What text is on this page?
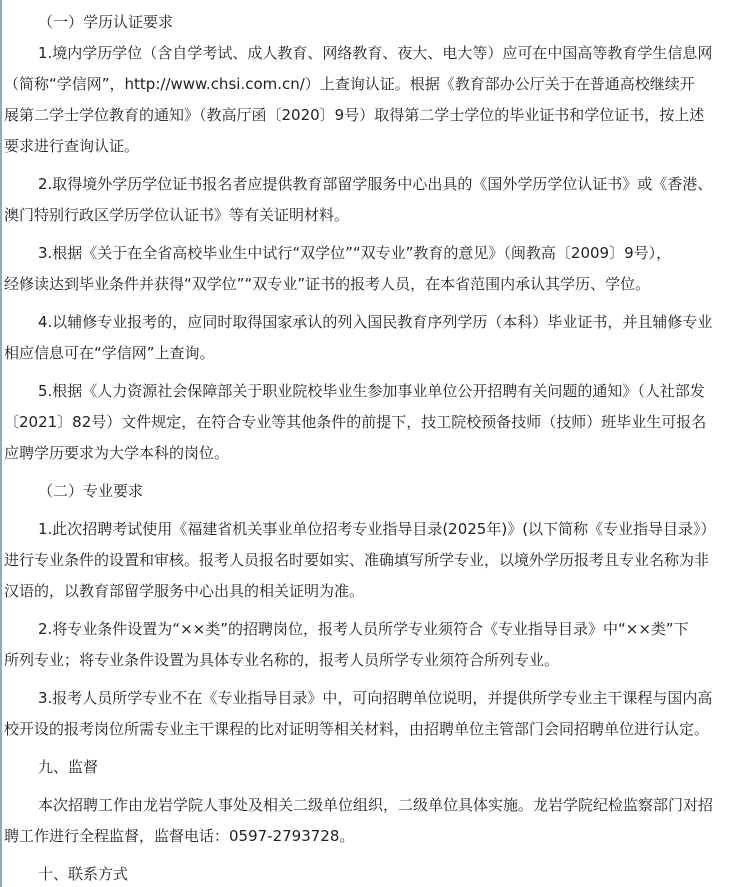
（一）学历认证要求
1.境内学历学位（含自学考试、成人教育、网络教育、夜大、电大等）应可在中国高等教育学生信息网
（简称“学信网”，http://www.chsi.com.cn/）上查询认证。根据《教育部办公厅关于在普通高校继续开
展第二学士学位教育的通知》（教高厅函〔2020〕9号）取得第二学士学位的毕业证书和学位证书，按上述
要求进行查询认证。
2.取得境外学历学位证书报名者应提供教育部留学服务中心出具的《国外学历学位认证书》或《香港、
澳门特别行政区学历学位认证书》等有关证明材料。
3.根据《关于在全省高校毕业生中试行“双学位”“双专业”教育的意见》（闽教高〔2009〕9号），
经修读达到毕业条件并获得“双学位”“双专业”证书的报考人员，在本省范围内承认其学历、学位。
4.以辅修专业报考的，应同时取得国家承认的列入国民教育序列学历（本科）毕业证书，并且辅修专业
相应信息可在“学信网”上查询。
5.根据《人力资源社会保障部关于职业院校毕业生参加事业单位公开招聘有关问题的通知》（人社部发
〔2021〕82号）文件规定，在符合专业等其他条件的前提下，技工院校预备技师（技师）班毕业生可报名
应聘学历要求为大学本科的岗位。
（二）专业要求
1.此次招聘考试使用《福建省机关事业单位招考专业指导目录(2025年)》(以下简称《专业指导目录》）
进行专业条件的设置和审核。报考人员报名时要如实、准确填写所学专业，以境外学历报考且专业名称为非
汉语的，以教育部留学服务中心出具的相关证明为准。
2.将专业条件设置为“××类”的招聘岗位，报考人员所学专业须符合《专业指导目录》中“××类”下
所列专业；将专业条件设置为具体专业名称的，报考人员所学专业须符合所列专业。
3.报考人员所学专业不在《专业指导目录》中，可向招聘单位说明，并提供所学专业主干课程与国内高
校开设的报考岗位所需专业主干课程的比对证明等相关材料，由招聘单位主管部门会同招聘单位进行认定。
九、监督
本次招聘工作由龙岩学院人事处及相关二级单位组织，二级单位具体实施。龙岩学院纪检监察部门对招
聘工作进行全程监督，监督电话：0597-2793728。
十、联系方式
